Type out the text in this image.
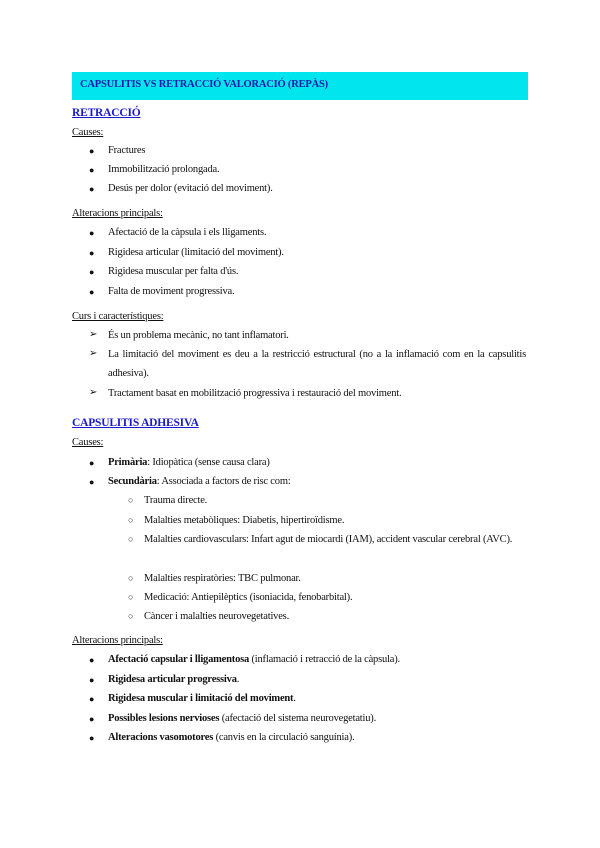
CAPSULITIS VS RETRACCIÓ VALORACIÓ (REPÀS)
RETRACCIÓ
Causes:
● Fractures
● Immobilització prolongada.
● Desús per dolor (evitació del moviment).
Alteracions principals:
● Afectació de la càpsula i els lligaments.
● Rigidesa articular (limitació del moviment).
● Rigidesa muscular per falta d'ús.
● Falta de moviment progressiva.
Curs i característiques:
➢ És un problema mecànic, no tant inflamatori.
➢ La limitació del moviment es deu a la restricció estructural (no a la inflamació com en la capsulitis adhesiva).
➢ Tractament basat en mobilització progressiva i restauració del moviment.
CAPSULITIS ADHESIVA
Causes:
● Primària: Idiopàtica (sense causa clara)
● Secundària: Associada a factors de risc com:
○ Trauma directe.
○ Malalties metabòliques: Diabetis, hipertiroïdisme.
○ Malalties cardiovasculars: Infart agut de miocardi (IAM), accident vascular cerebral (AVC).
○ Malalties respiratòries: TBC pulmonar.
○ Medicació: Antiepilèptics (isoniacida, fenobarbital).
○ Càncer i malalties neurovegetatives.
Alteracions principals:
● Afectació capsular i lligamentosa (inflamació i retracció de la càpsula).
● Rigidesa articular progressiva.
● Rigidesa muscular i limitació del moviment.
● Possibles lesions nervioses (afectació del sistema neurovegetatiu).
● Alteracions vasomotores (canvis en la circulació sanguínia).
